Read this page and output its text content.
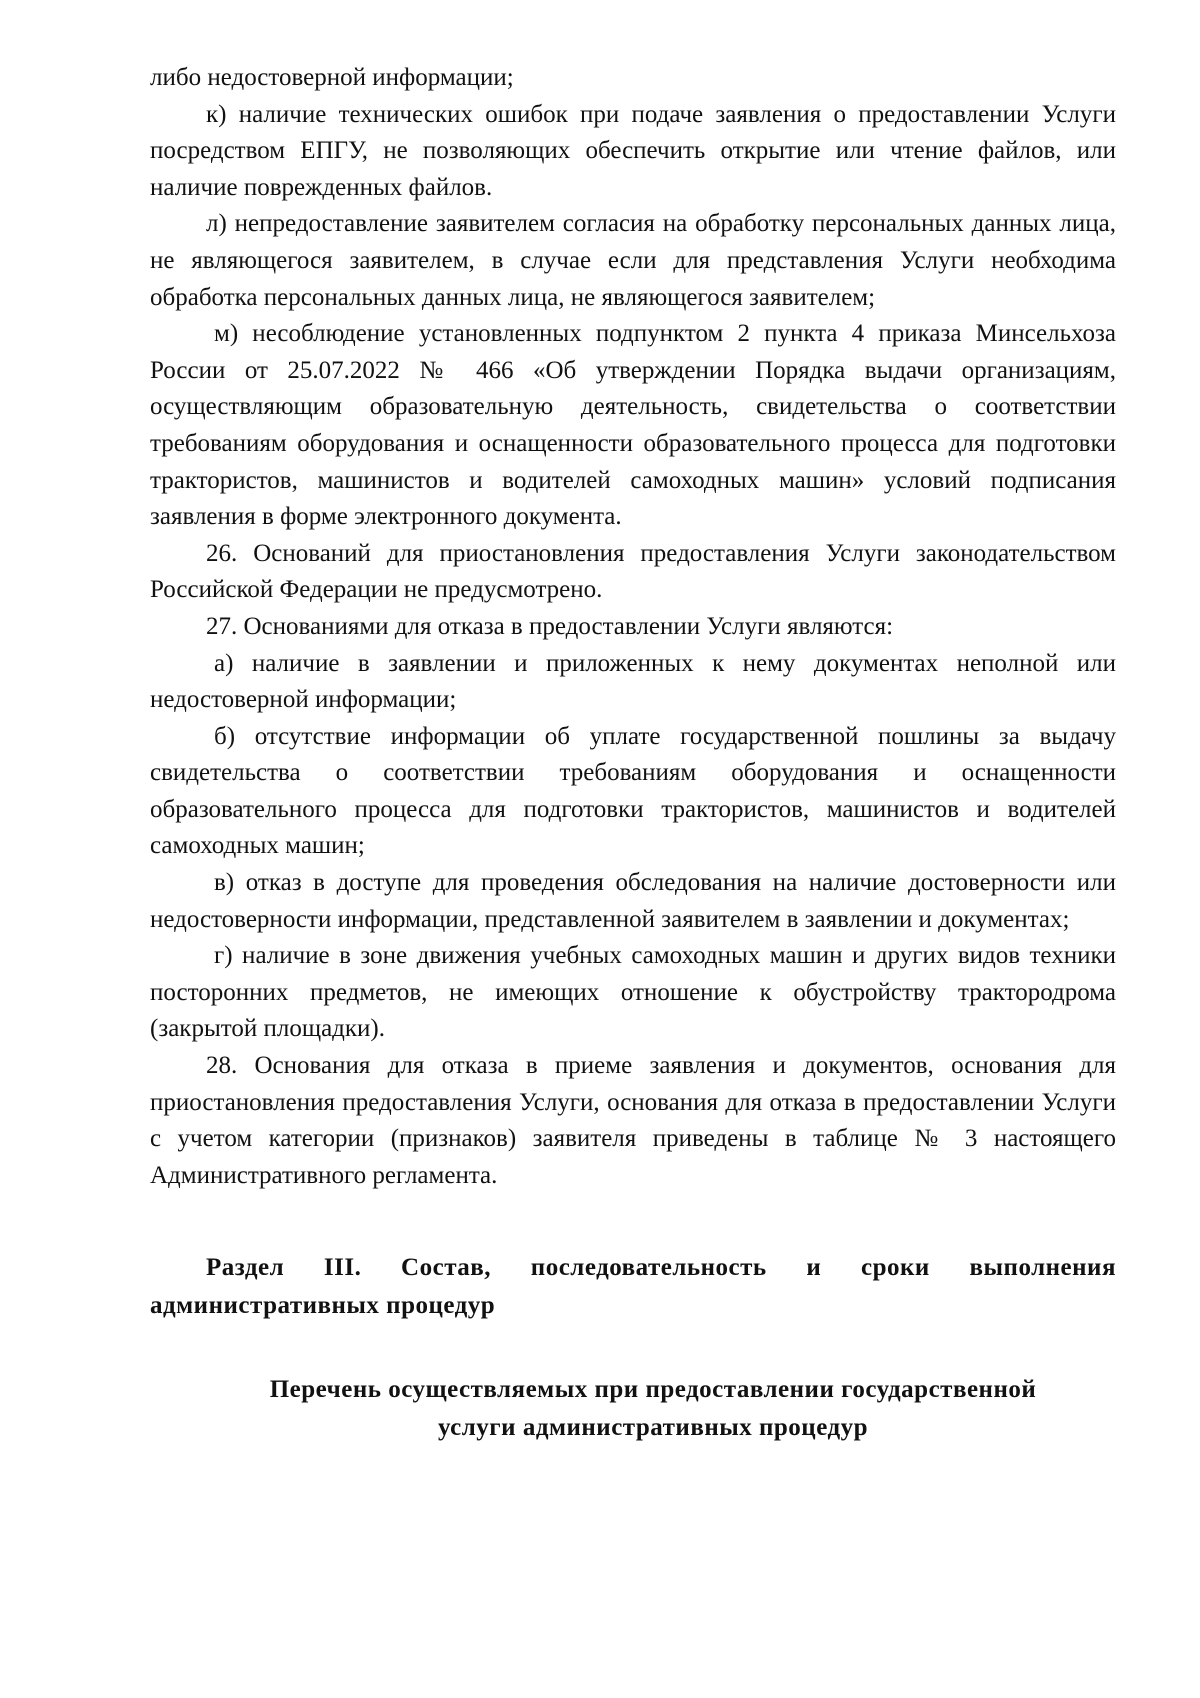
либо недостоверной информации;

к) наличие технических ошибок при подаче заявления о предоставлении Услуги посредством ЕПГУ, не позволяющих обеспечить открытие или чтение файлов, или наличие поврежденных файлов.

л) непредоставление заявителем согласия на обработку персональных данных лица, не являющегося заявителем, в случае если для представления Услуги необходима обработка персональных данных лица, не являющегося заявителем;

м) несоблюдение установленных подпунктом 2 пункта 4 приказа Минсельхоза России от 25.07.2022 № 466 «Об утверждении Порядка выдачи организациям, осуществляющим образовательную деятельность, свидетельства о соответствии требованиям оборудования и оснащенности образовательного процесса для подготовки трактористов, машинистов и водителей самоходных машин» условий подписания заявления в форме электронного документа.

26. Оснований для приостановления предоставления Услуги законодательством Российской Федерации не предусмотрено.

27. Основаниями для отказа в предоставлении Услуги являются:

а) наличие в заявлении и приложенных к нему документах неполной или недостоверной информации;

б) отсутствие информации об уплате государственной пошлины за выдачу свидетельства о соответствии требованиям оборудования и оснащенности образовательного процесса для подготовки трактористов, машинистов и водителей самоходных машин;

в) отказ в доступе для проведения обследования на наличие достоверности или недостоверности информации, представленной заявителем в заявлении и документах;

г) наличие в зоне движения учебных самоходных машин и других видов техники посторонних предметов, не имеющих отношение к обустройству трактородрома (закрытой площадки).

28. Основания для отказа в приеме заявления и документов, основания для приостановления предоставления Услуги, основания для отказа в предоставлении Услуги с учетом категории (признаков) заявителя приведены в таблице № 3 настоящего Административного регламента.

Раздел III. Состав, последовательность и сроки выполнения административных процедур

Перечень осуществляемых при предоставлении государственной
услуги административных процедур
